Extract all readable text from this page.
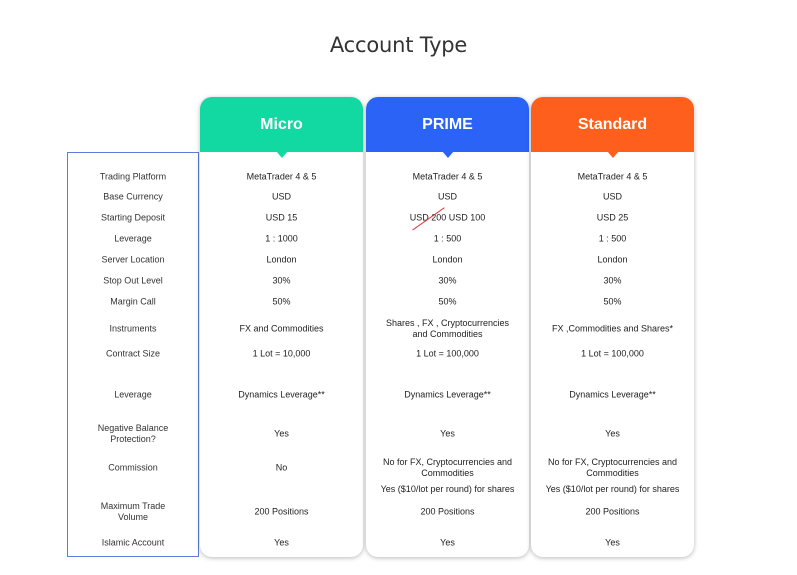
Account Type
Trading Platform
Base Currency
Starting Deposit
Leverage
Server Location
Stop Out Level
Margin Call
Instruments
Contract Size
Leverage
Negative Balance Protection?
Commission
Maximum Trade Volume
Islamic Account
Micro
MetaTrader 4 & 5
USD
USD 15
1 : 1000
London
30%
50%
FX and Commodities
1 Lot = 10,000
Dynamics Leverage**
Yes
No
200 Positions
Yes
PRIME
MetaTrader 4 & 5
USD
USD 200 USD 100
1 : 500
London
30%
50%
Shares , FX , Cryptocurrencies and Commodities
1 Lot = 100,000
Dynamics Leverage**
Yes
No for FX, Cryptocurrencies and Commodities
Yes ($10/lot per round) for shares
200 Positions
Yes
Standard
MetaTrader 4 & 5
USD
USD 25
1 : 500
London
30%
50%
FX ,Commodities and Shares*
1 Lot = 100,000
Dynamics Leverage**
Yes
No for FX, Cryptocurrencies and Commodities
Yes ($10/lot per round) for shares
200 Positions
Yes
